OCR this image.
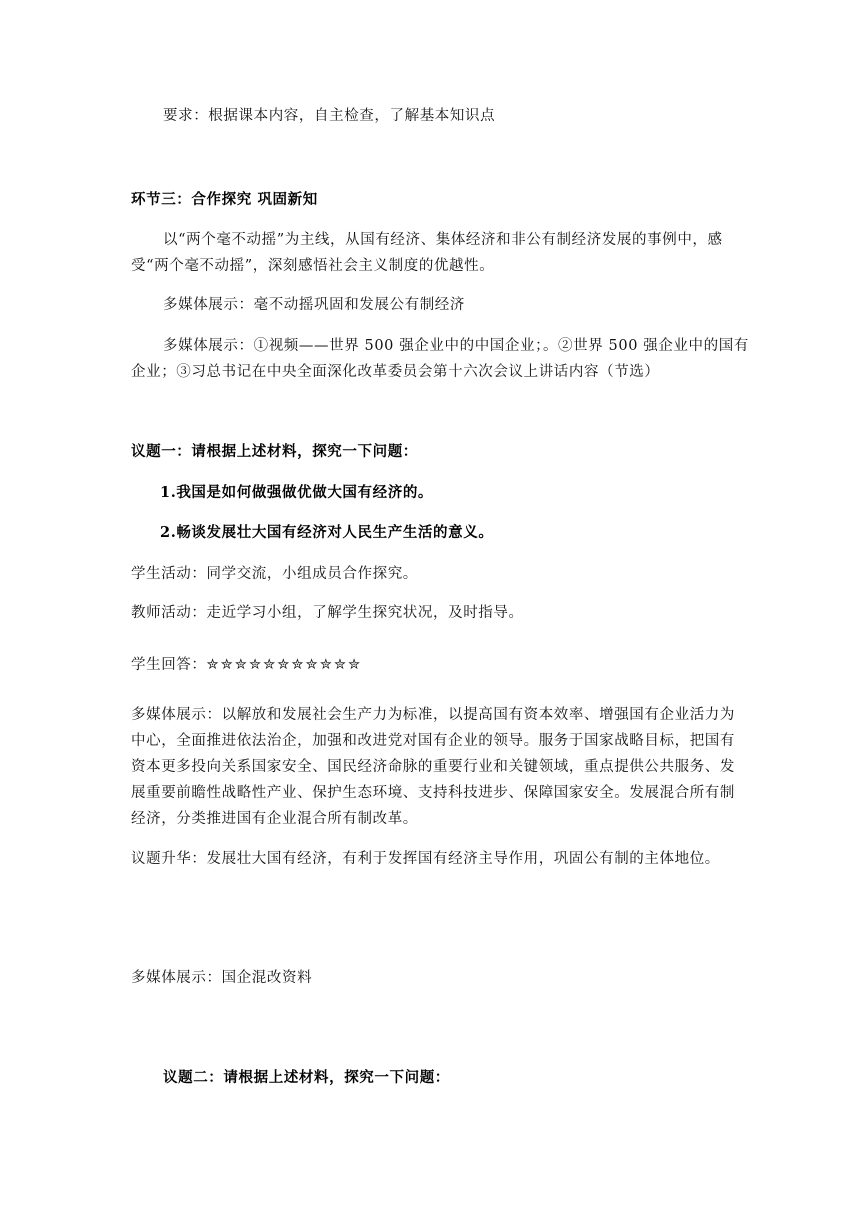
要求：根据课本内容，自主检查，了解基本知识点
环节三：合作探究 巩固新知
以“两个毫不动摇”为主线，从国有经济、集体经济和非公有制经济发展的事例中，感
受“两个毫不动摇”，深刻感悟社会主义制度的优越性。
多媒体展示：毫不动摇巩固和发展公有制经济
多媒体展示：①视频——世界 500 强企业中的中国企业；。②世界 500 强企业中的国有
企业；③习总书记在中央全面深化改革委员会第十六次会议上讲话内容（节选）
议题一：请根据上述材料，探究一下问题：
1.我国是如何做强做优做大国有经济的。
2.畅谈发展壮大国有经济对人民生产生活的意义。
学生活动：同学交流，小组成员合作探究。
教师活动：走近学习小组，了解学生探究状况，及时指导。
学生回答：✮✮✮✮✮✮✮✮✮✮✮
多媒体展示：以解放和发展社会生产力为标准，以提高国有资本效率、增强国有企业活力为
中心，全面推进依法治企，加强和改进党对国有企业的领导。服务于国家战略目标，把国有
资本更多投向关系国家安全、国民经济命脉的重要行业和关键领域，重点提供公共服务、发
展重要前瞻性战略性产业、保护生态环境、支持科技进步、保障国家安全。发展混合所有制
经济，分类推进国有企业混合所有制改革。
议题升华：发展壮大国有经济，有利于发挥国有经济主导作用，巩固公有制的主体地位。
多媒体展示：国企混改资料
议题二：请根据上述材料，探究一下问题：
